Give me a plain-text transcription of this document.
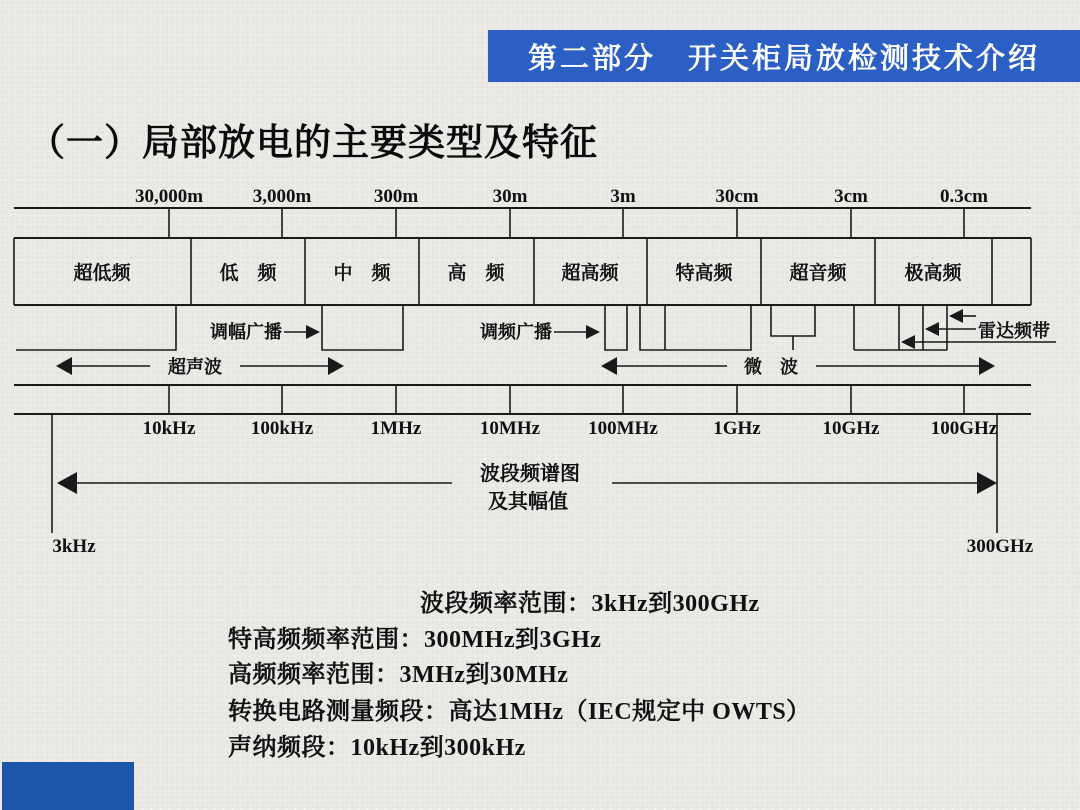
第二部分　开关柜局放检测技术介绍
（一）局部放电的主要类型及特征
30,000m	3,000m	300m	30m	3m	30cm	3cm	0.3cm
超低频	低　频	中　频	高　频	超高频	特高频	超音频	极高频
调幅广播	调频广播	雷达频带
超声波	微　波
10kHz	100kHz	1MHz	10MHz	100MHz	1GHz	10GHz	100GHz
波段频谱图
及其幅值
3kHz	300GHz
波段频率范围：3kHz到300GHz
特高频频率范围：300MHz到3GHz
高频频率范围：3MHz到30MHz
转换电路测量频段：高达1MHz（IEC规定中 OWTS）
声纳频段：10kHz到300kHz
